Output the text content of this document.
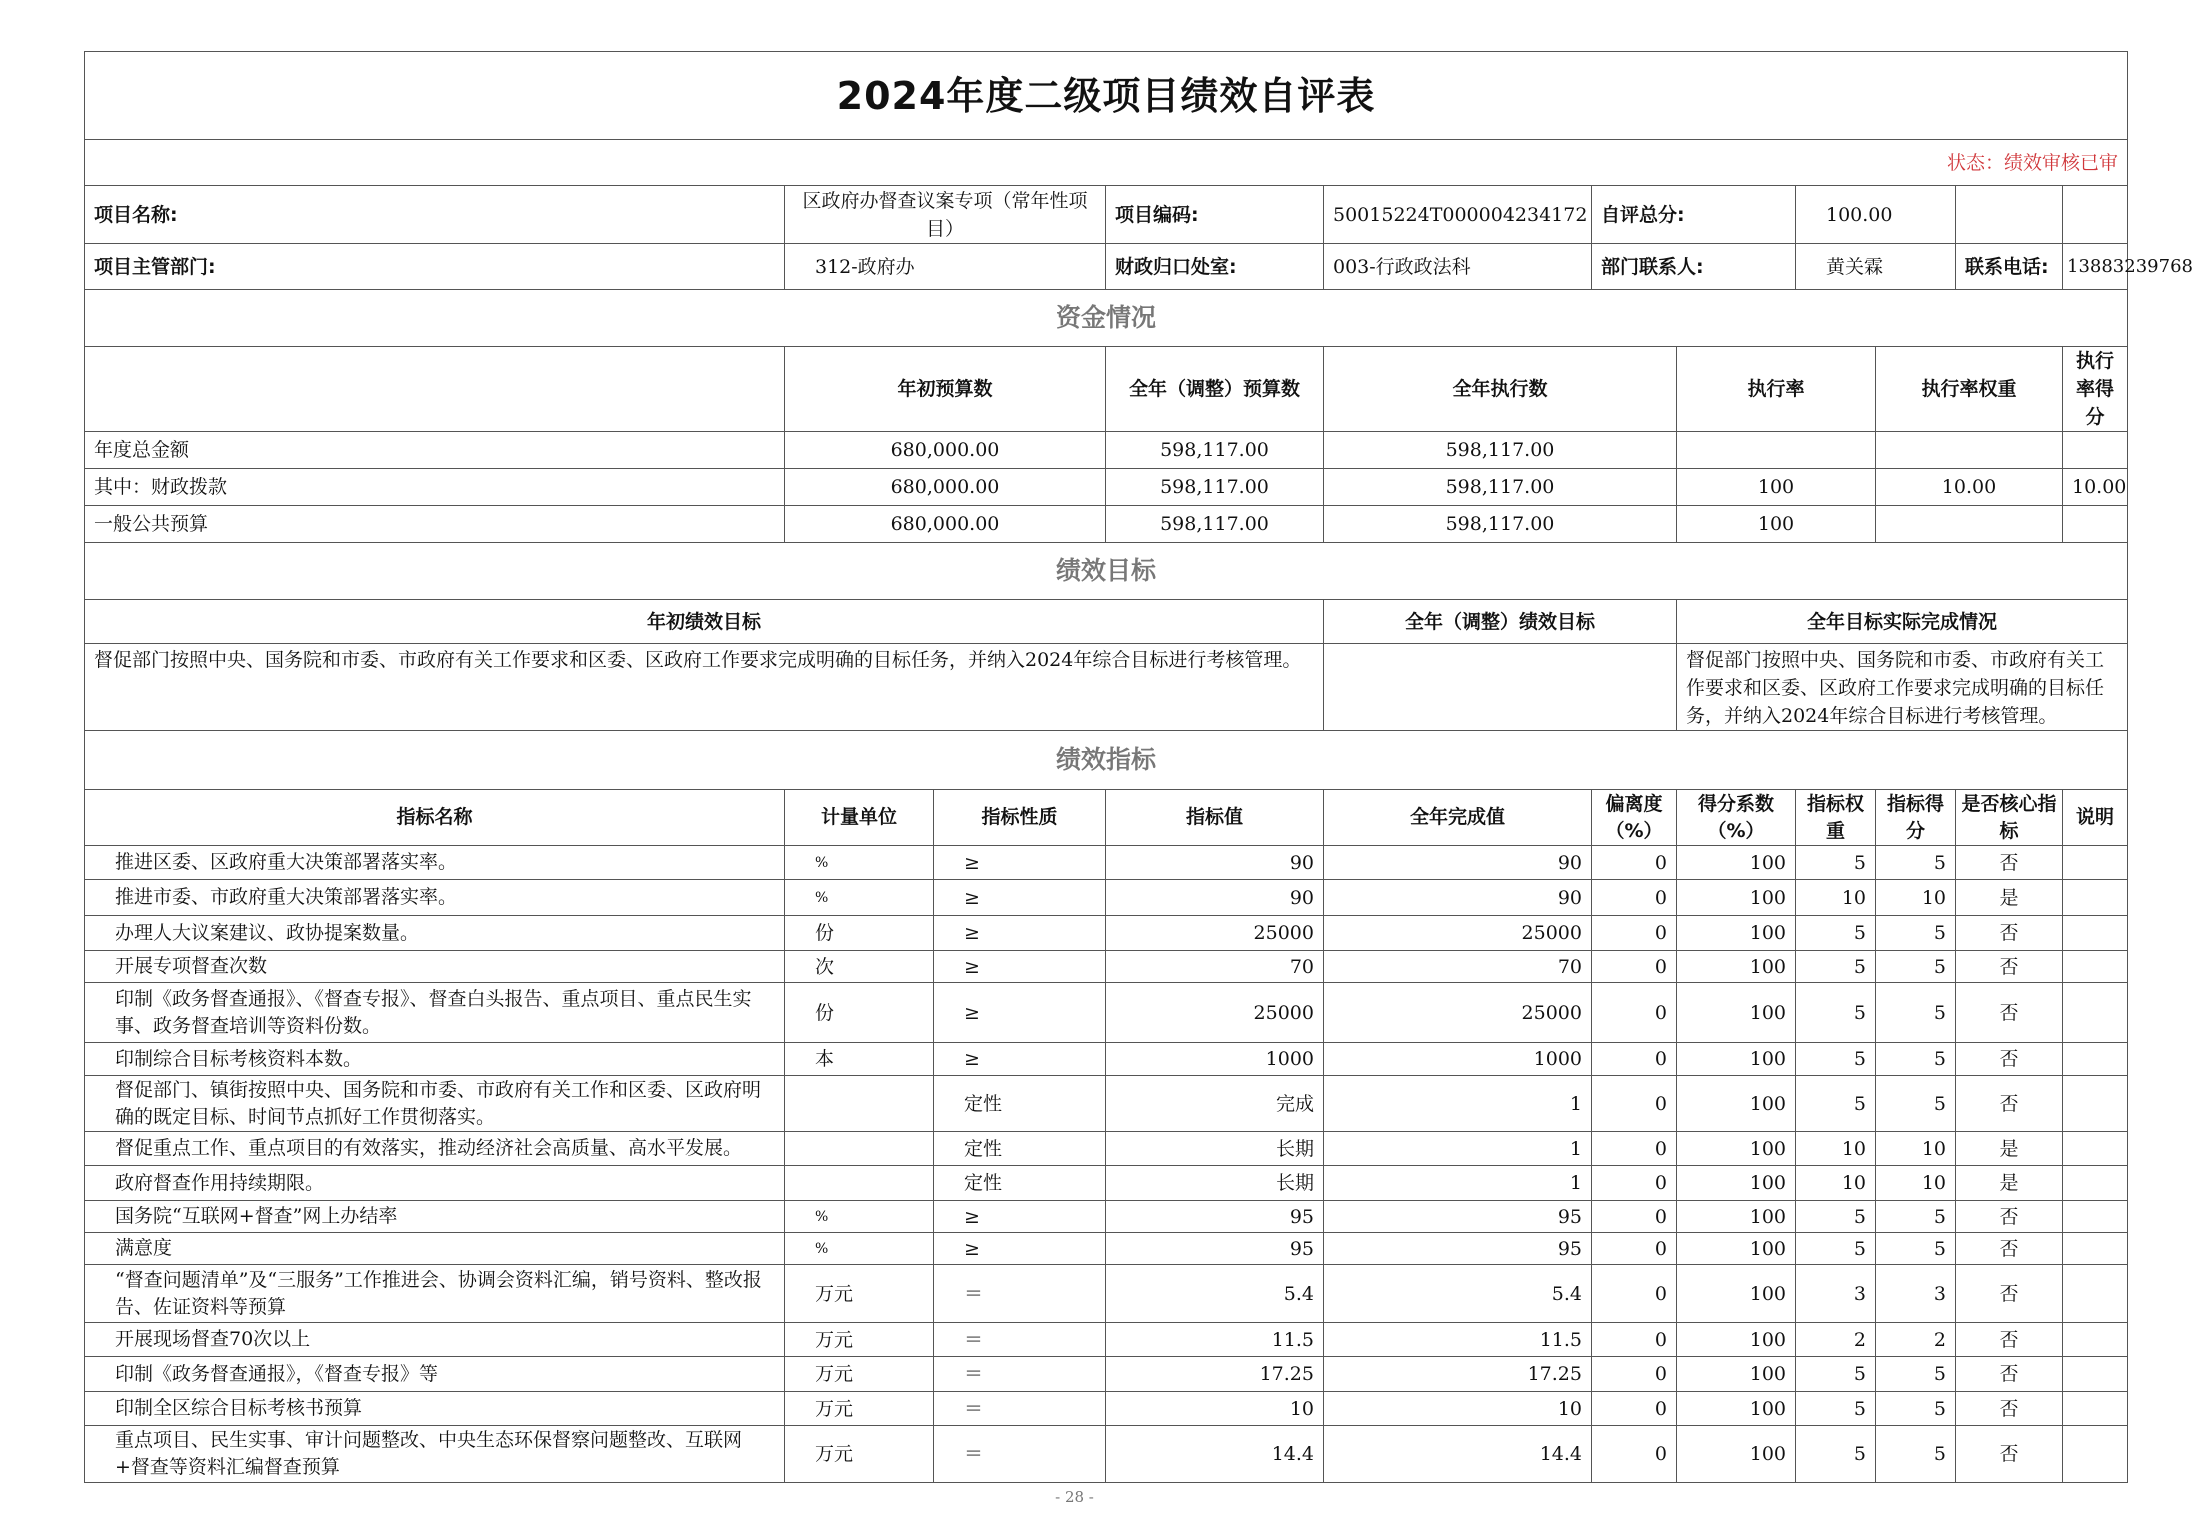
2024年度二级项目绩效自评表										
状态：绩效审核已审										
项目名称:	区政府办督查议案专项（常年性项目）		项目编码:	50015224T000004234172	自评总分:		100.00			
项目主管部门:	312-政府办		财政归口处室:	003-行政政法科	部门联系人:		黄关霖		联系电话:	13883239768
资金情况										
	年初预算数		全年（调整）预算数	全年执行数		执行率		执行率权重		执行率得分
年度总金额	680,000.00		598,117.00	598,117.00						
其中：财政拨款	680,000.00		598,117.00	598,117.00		100		10.00		10.00
一般公共预算	680,000.00		598,117.00	598,117.00		100				
绩效目标										
年初绩效目标				全年（调整）绩效目标		全年目标实际完成情况				
督促部门按照中央、国务院和市委、市政府有关工作要求和区委、区政府工作要求完成明确的目标任务，并纳入2024年综合目标进行考核管理。						督促部门按照中央、国务院和市委、市政府有关工作要求和区委、区政府工作要求完成明确的目标任务，并纳入2024年综合目标进行考核管理。				
绩效指标										
指标名称	计量单位	指标性质	指标值	全年完成值	偏离度（%）	得分系数（%）	指标权重	指标得分	是否核心指标	说明
推进区委、区政府重大决策部署落实率。	%	≥	90	90	0	100	5	5	否	
推进市委、市政府重大决策部署落实率。	%	≥	90	90	0	100	10	10	是	
办理人大议案建议、政协提案数量。	份	≥	25000	25000	0	100	5	5	否	
开展专项督查次数	次	≥	70	70	0	100	5	5	否	
印制《政务督查通报》、《督查专报》、督查白头报告、重点项目、重点民生实事、政务督查培训等资料份数。	份	≥	25000	25000	0	100	5	5	否	
印制综合目标考核资料本数。	本	≥	1000	1000	0	100	5	5	否	
督促部门、镇街按照中央、国务院和市委、市政府有关工作和区委、区政府明确的既定目标、时间节点抓好工作贯彻落实。		定性	完成	1	0	100	5	5	否	
督促重点工作、重点项目的有效落实，推动经济社会高质量、高水平发展。		定性	长期	1	0	100	10	10	是	
政府督查作用持续期限。		定性	长期	1	0	100	10	10	是	
国务院“互联网+督查”网上办结率	%	≥	95	95	0	100	5	5	否	
满意度	%	≥	95	95	0	100	5	5	否	
“督查问题清单”及“三服务”工作推进会、协调会资料汇编，销号资料、整改报告、佐证资料等预算	万元	＝	5.4	5.4	0	100	3	3	否	
开展现场督查70次以上	万元	＝	11.5	11.5	0	100	2	2	否	
印制《政务督查通报》，《督查专报》等	万元	＝	17.25	17.25	0	100	5	5	否	
印制全区综合目标考核书预算	万元	＝	10	10	0	100	5	5	否	
重点项目、民生实事、审计问题整改、中央生态环保督察问题整改、互联网+督查等资料汇编督查预算	万元	＝	14.4	14.4	0	100	5	5	否	
- 28 -
